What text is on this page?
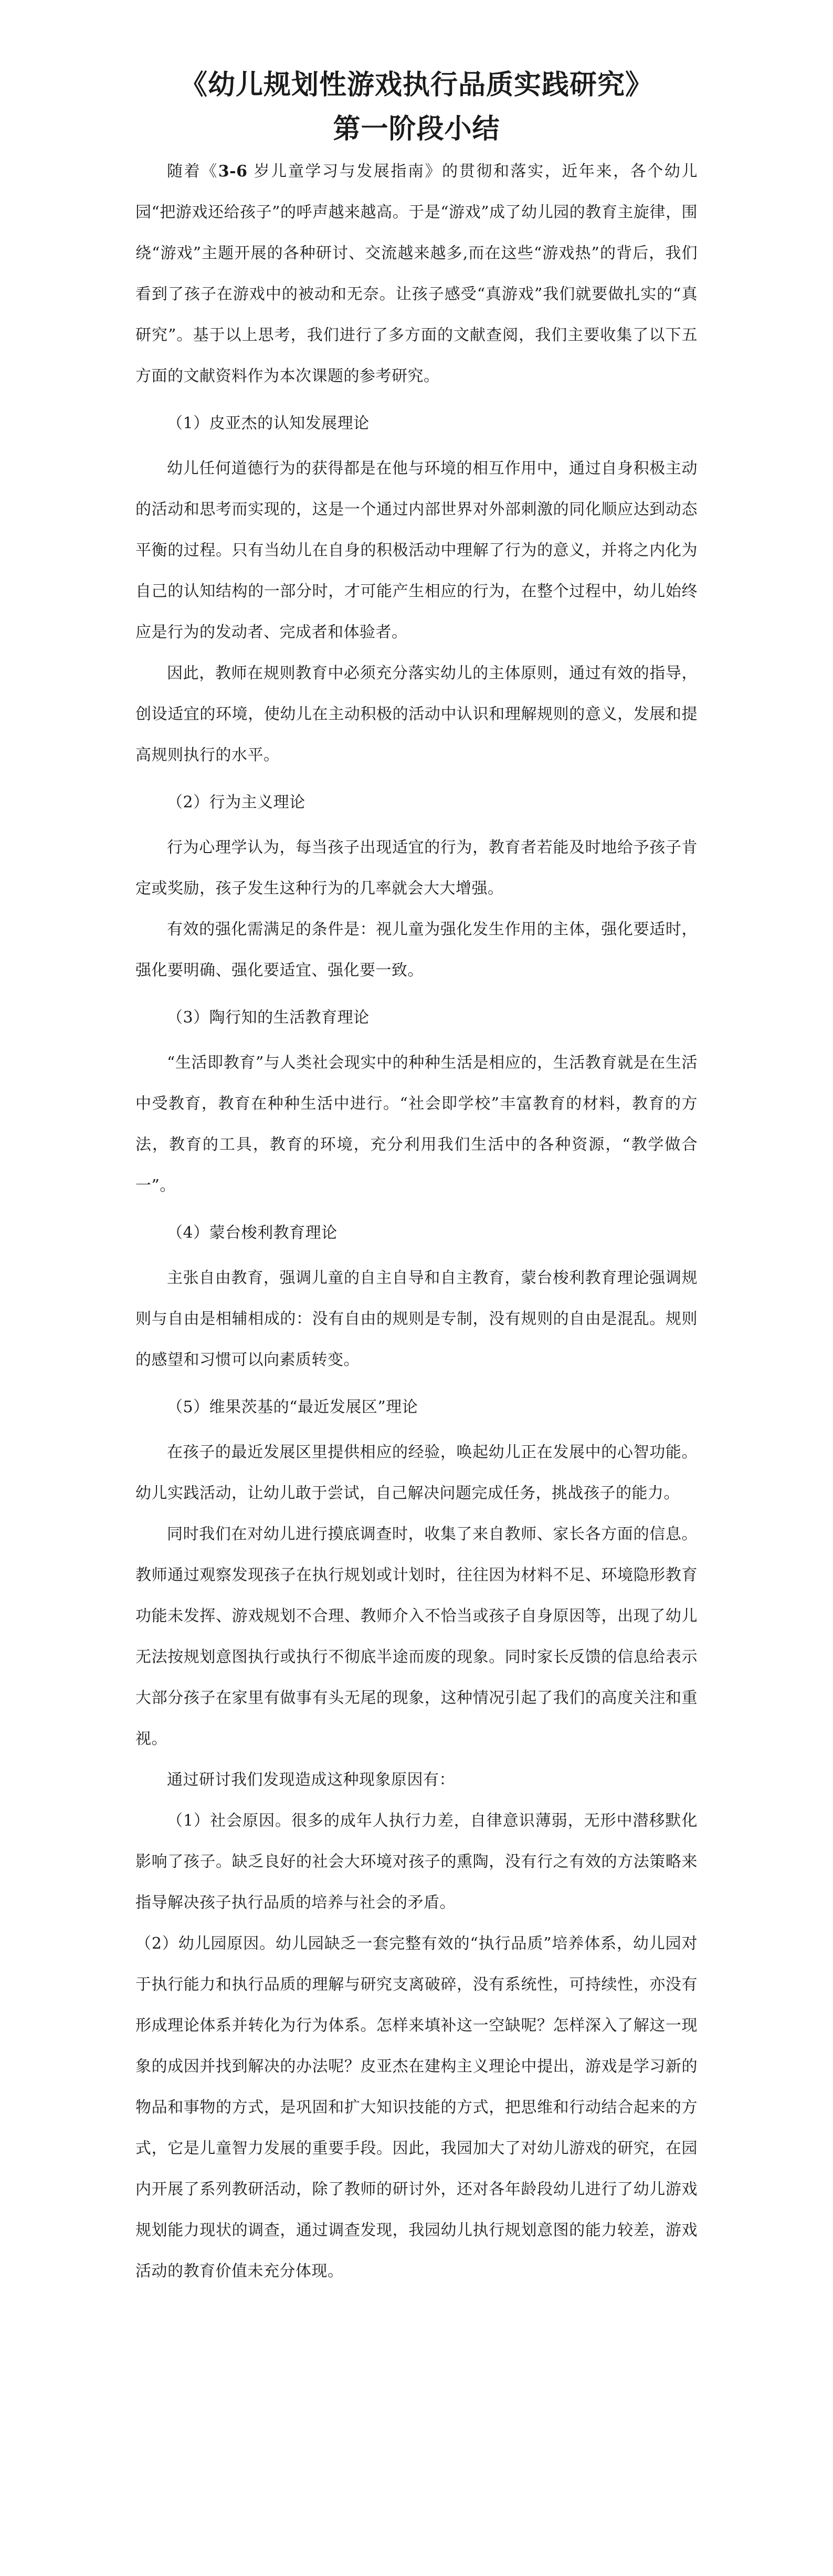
《幼儿规划性游戏执行品质实践研究》
第一阶段小结

随着《3-6 岁儿童学习与发展指南》的贯彻和落实，近年来，各个幼儿园“把游戏还给孩子”的呼声越来越高。于是“游戏”成了幼儿园的教育主旋律，围绕“游戏”主题开展的各种研讨、交流越来越多,而在这些“游戏热”的背后，我们看到了孩子在游戏中的被动和无奈。让孩子感受“真游戏”我们就要做扎实的“真研究”。基于以上思考，我们进行了多方面的文献查阅，我们主要收集了以下五方面的文献资料作为本次课题的参考研究。

（1）皮亚杰的认知发展理论

幼儿任何道德行为的获得都是在他与环境的相互作用中，通过自身积极主动的活动和思考而实现的，这是一个通过内部世界对外部刺激的同化顺应达到动态平衡的过程。只有当幼儿在自身的积极活动中理解了行为的意义，并将之内化为自己的认知结构的一部分时，才可能产生相应的行为，在整个过程中，幼儿始终应是行为的发动者、完成者和体验者。

因此，教师在规则教育中必须充分落实幼儿的主体原则，通过有效的指导，创设适宜的环境，使幼儿在主动积极的活动中认识和理解规则的意义，发展和提高规则执行的水平。

（2）行为主义理论

行为心理学认为，每当孩子出现适宜的行为，教育者若能及时地给予孩子肯定或奖励，孩子发生这种行为的几率就会大大增强。

有效的强化需满足的条件是：视儿童为强化发生作用的主体，强化要适时，强化要明确、强化要适宜、强化要一致。

（3）陶行知的生活教育理论

“生活即教育”与人类社会现实中的种种生活是相应的，生活教育就是在生活中受教育，教育在种种生活中进行。“社会即学校”丰富教育的材料，教育的方法，教育的工具，教育的环境，充分利用我们生活中的各种资源，“教学做合一”。

（4）蒙台梭利教育理论

主张自由教育，强调儿童的自主自导和自主教育，蒙台梭利教育理论强调规则与自由是相辅相成的：没有自由的规则是专制，没有规则的自由是混乱。规则的感望和习惯可以向素质转变。

（5）维果茨基的“最近发展区”理论

在孩子的最近发展区里提供相应的经验，唤起幼儿正在发展中的心智功能。幼儿实践活动，让幼儿敢于尝试，自己解决问题完成任务，挑战孩子的能力。

同时我们在对幼儿进行摸底调查时，收集了来自教师、家长各方面的信息。教师通过观察发现孩子在执行规划或计划时，往往因为材料不足、环境隐形教育功能未发挥、游戏规划不合理、教师介入不恰当或孩子自身原因等，出现了幼儿无法按规划意图执行或执行不彻底半途而废的现象。同时家长反馈的信息给表示大部分孩子在家里有做事有头无尾的现象，这种情况引起了我们的高度关注和重视。

通过研讨我们发现造成这种现象原因有：

（1）社会原因。很多的成年人执行力差，自律意识薄弱，无形中潜移默化影响了孩子。缺乏良好的社会大环境对孩子的熏陶，没有行之有效的方法策略来指导解决孩子执行品质的培养与社会的矛盾。

（2）幼儿园原因。幼儿园缺乏一套完整有效的“执行品质”培养体系，幼儿园对于执行能力和执行品质的理解与研究支离破碎，没有系统性，可持续性，亦没有形成理论体系并转化为行为体系。怎样来填补这一空缺呢？怎样深入了解这一现象的成因并找到解决的办法呢？皮亚杰在建构主义理论中提出，游戏是学习新的物品和事物的方式，是巩固和扩大知识技能的方式，把思维和行动结合起来的方式，它是儿童智力发展的重要手段。因此，我园加大了对幼儿游戏的研究，在园内开展了系列教研活动，除了教师的研讨外，还对各年龄段幼儿进行了幼儿游戏规划能力现状的调查，通过调查发现，我园幼儿执行规划意图的能力较差，游戏活动的教育价值未充分体现。
